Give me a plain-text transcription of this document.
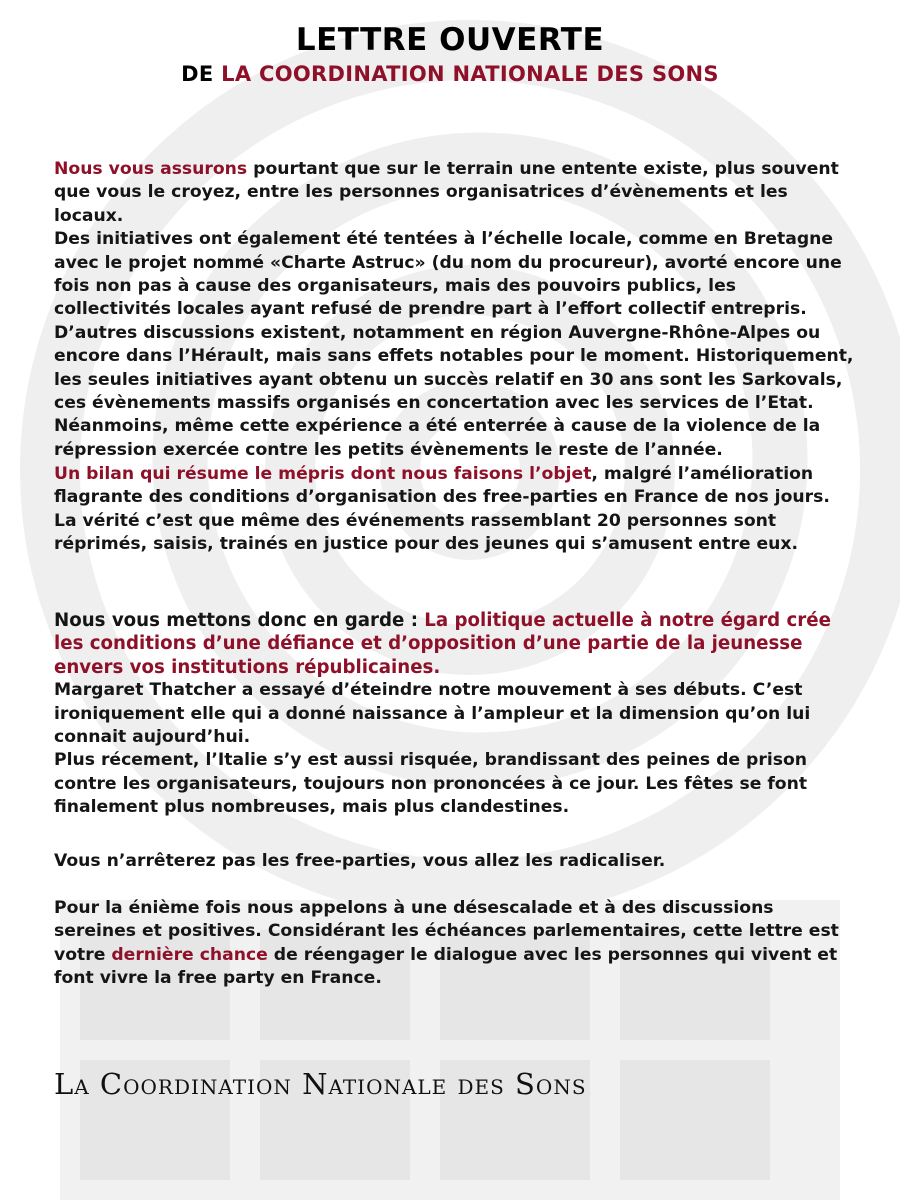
LETTRE OUVERTE
DE LA COORDINATION NATIONALE DES SONS

Nous vous assurons pourtant que sur le terrain une entente existe, plus souvent que vous le croyez, entre les personnes organisatrices d’évènements et les locaux.

Des initiatives ont également été tentées à l’échelle locale, comme en Bretagne avec le projet nommé «Charte Astruc» (du nom du procureur), avorté encore une fois non pas à cause des organisateurs, mais des pouvoirs publics, les collectivités locales ayant refusé de prendre part à l’effort collectif entrepris.

D’autres discussions existent, notamment en région Auvergne-Rhône-Alpes ou encore dans l’Hérault, mais sans effets notables pour le moment. Historiquement, les seules initiatives ayant obtenu un succès relatif en 30 ans sont les Sarkovals, ces évènements massifs organisés en concertation avec les services de l’Etat. Néanmoins, même cette expérience a été enterrée à cause de la violence de la répression exercée contre les petits évènements le reste de l’année.

Un bilan qui résume le mépris dont nous faisons l’objet, malgré l’amélioration flagrante des conditions d’organisation des free-parties en France de nos jours. La vérité c’est que même des événements rassemblant 20 personnes sont réprimés, saisis, trainés en justice pour des jeunes qui s’amusent entre eux.

Nous vous mettons donc en garde : La politique actuelle à notre égard crée les conditions d’une défiance et d’opposition d’une partie de la jeunesse envers vos institutions républicaines.

Margaret Thatcher a essayé d’éteindre notre mouvement à ses débuts. C’est ironiquement elle qui a donné naissance à l’ampleur et la dimension qu’on lui connait aujourd’hui.

Plus récement, l’Italie s’y est aussi risquée, brandissant des peines de prison contre les organisateurs, toujours non prononcées à ce jour. Les fêtes se font finalement plus nombreuses, mais plus clandestines.

Vous n’arrêterez pas les free-parties, vous allez les radicaliser.

Pour la énième fois nous appelons à une désescalade et à des discussions sereines et positives. Considérant les échéances parlementaires, cette lettre est votre dernière chance de réengager le dialogue avec les personnes qui vivent et font vivre la free party en France.

La Coordination Nationale des Sons
